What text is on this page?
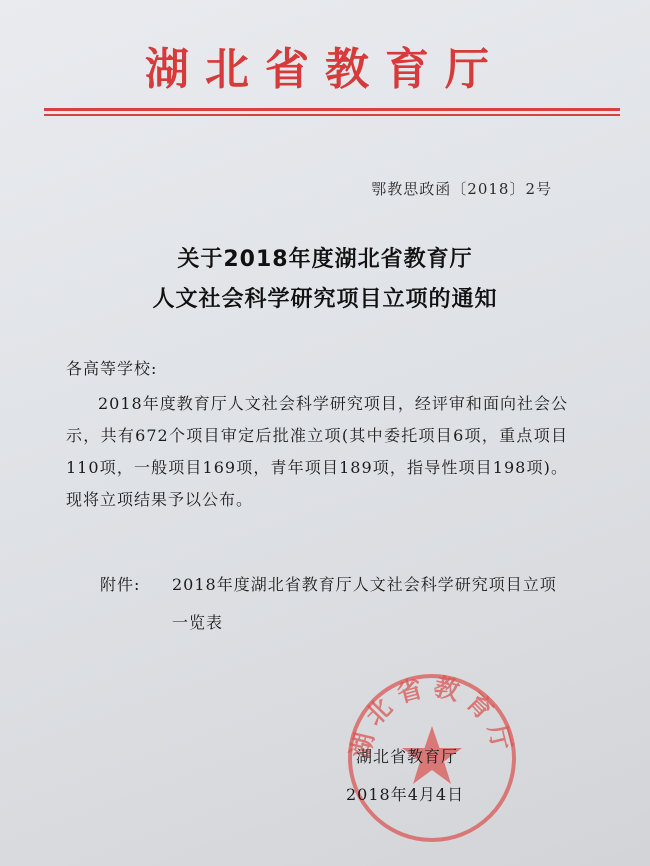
湖北省教育厅
鄂教思政函〔2018〕2号
关于2018年度湖北省教育厅
人文社会科学研究项目立项的通知
各高等学校:
2018年度教育厅人文社会科学研究项目，经评审和面向社会公示，共有672个项目审定后批准立项(其中委托项目6项，重点项目110项，一般项目169项，青年项目189项，指导性项目198项)。现将立项结果予以公布。
附件: 2018年度湖北省教育厅人文社会科学研究项目立项一览表
湖北省教育厅
湖北省教育厅
2018年4月4日
